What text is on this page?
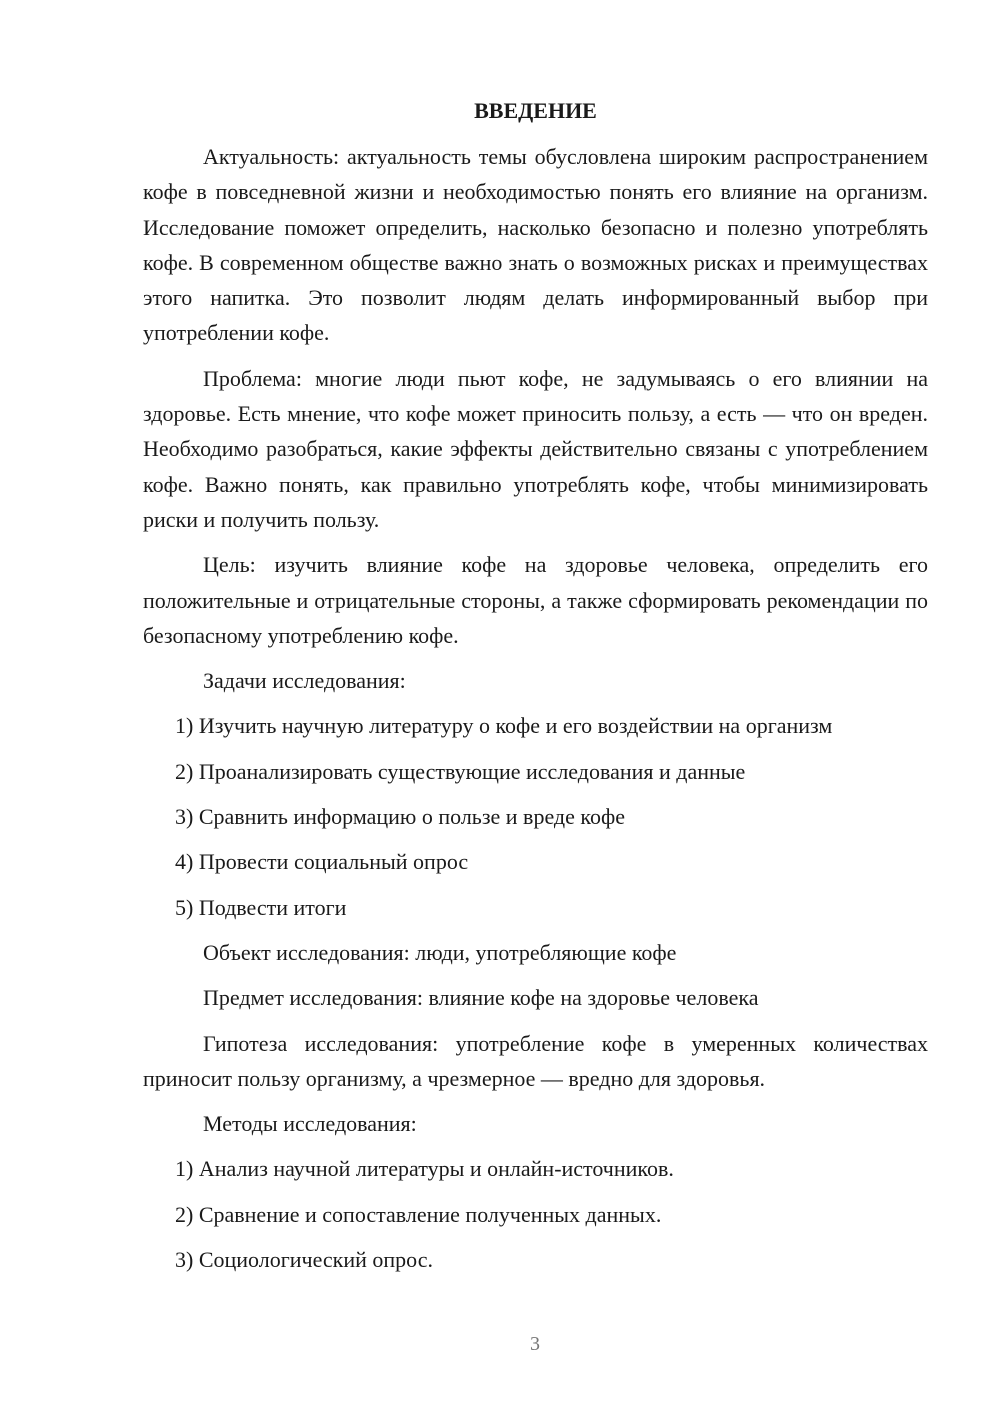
ВВЕДЕНИЕ

Актуальность: актуальность темы обусловлена широким распространением кофе в повседневной жизни и необходимостью понять его влияние на организм. Исследование поможет определить, насколько безопасно и полезно употреблять кофе. В современном обществе важно знать о возможных рисках и преимуществах этого напитка. Это позволит людям делать информированный выбор при употреблении кофе.

Проблема: многие люди пьют кофе, не задумываясь о его влиянии на здоровье. Есть мнение, что кофе может приносить пользу, а есть — что он вреден. Необходимо разобраться, какие эффекты действительно связаны с употреблением кофе. Важно понять, как правильно употреблять кофе, чтобы минимизировать риски и получить пользу.

Цель: изучить влияние кофе на здоровье человека, определить его положительные и отрицательные стороны, а также сформировать рекомендации по безопасному употреблению кофе.

Задачи исследования:

1) Изучить научную литературу о кофе и его воздействии на организм

2) Проанализировать существующие исследования и данные

3) Сравнить информацию о пользе и вреде кофе

4) Провести социальный опрос

5) Подвести итоги

Объект исследования: люди, употребляющие кофе

Предмет исследования: влияние кофе на здоровье человека

Гипотеза исследования: употребление кофе в умеренных количествах приносит пользу организму, а чрезмерное — вредно для здоровья.

Методы исследования:

1) Анализ научной литературы и онлайн-источников.

2) Сравнение и сопоставление полученных данных.

3) Социологический опрос.

3
